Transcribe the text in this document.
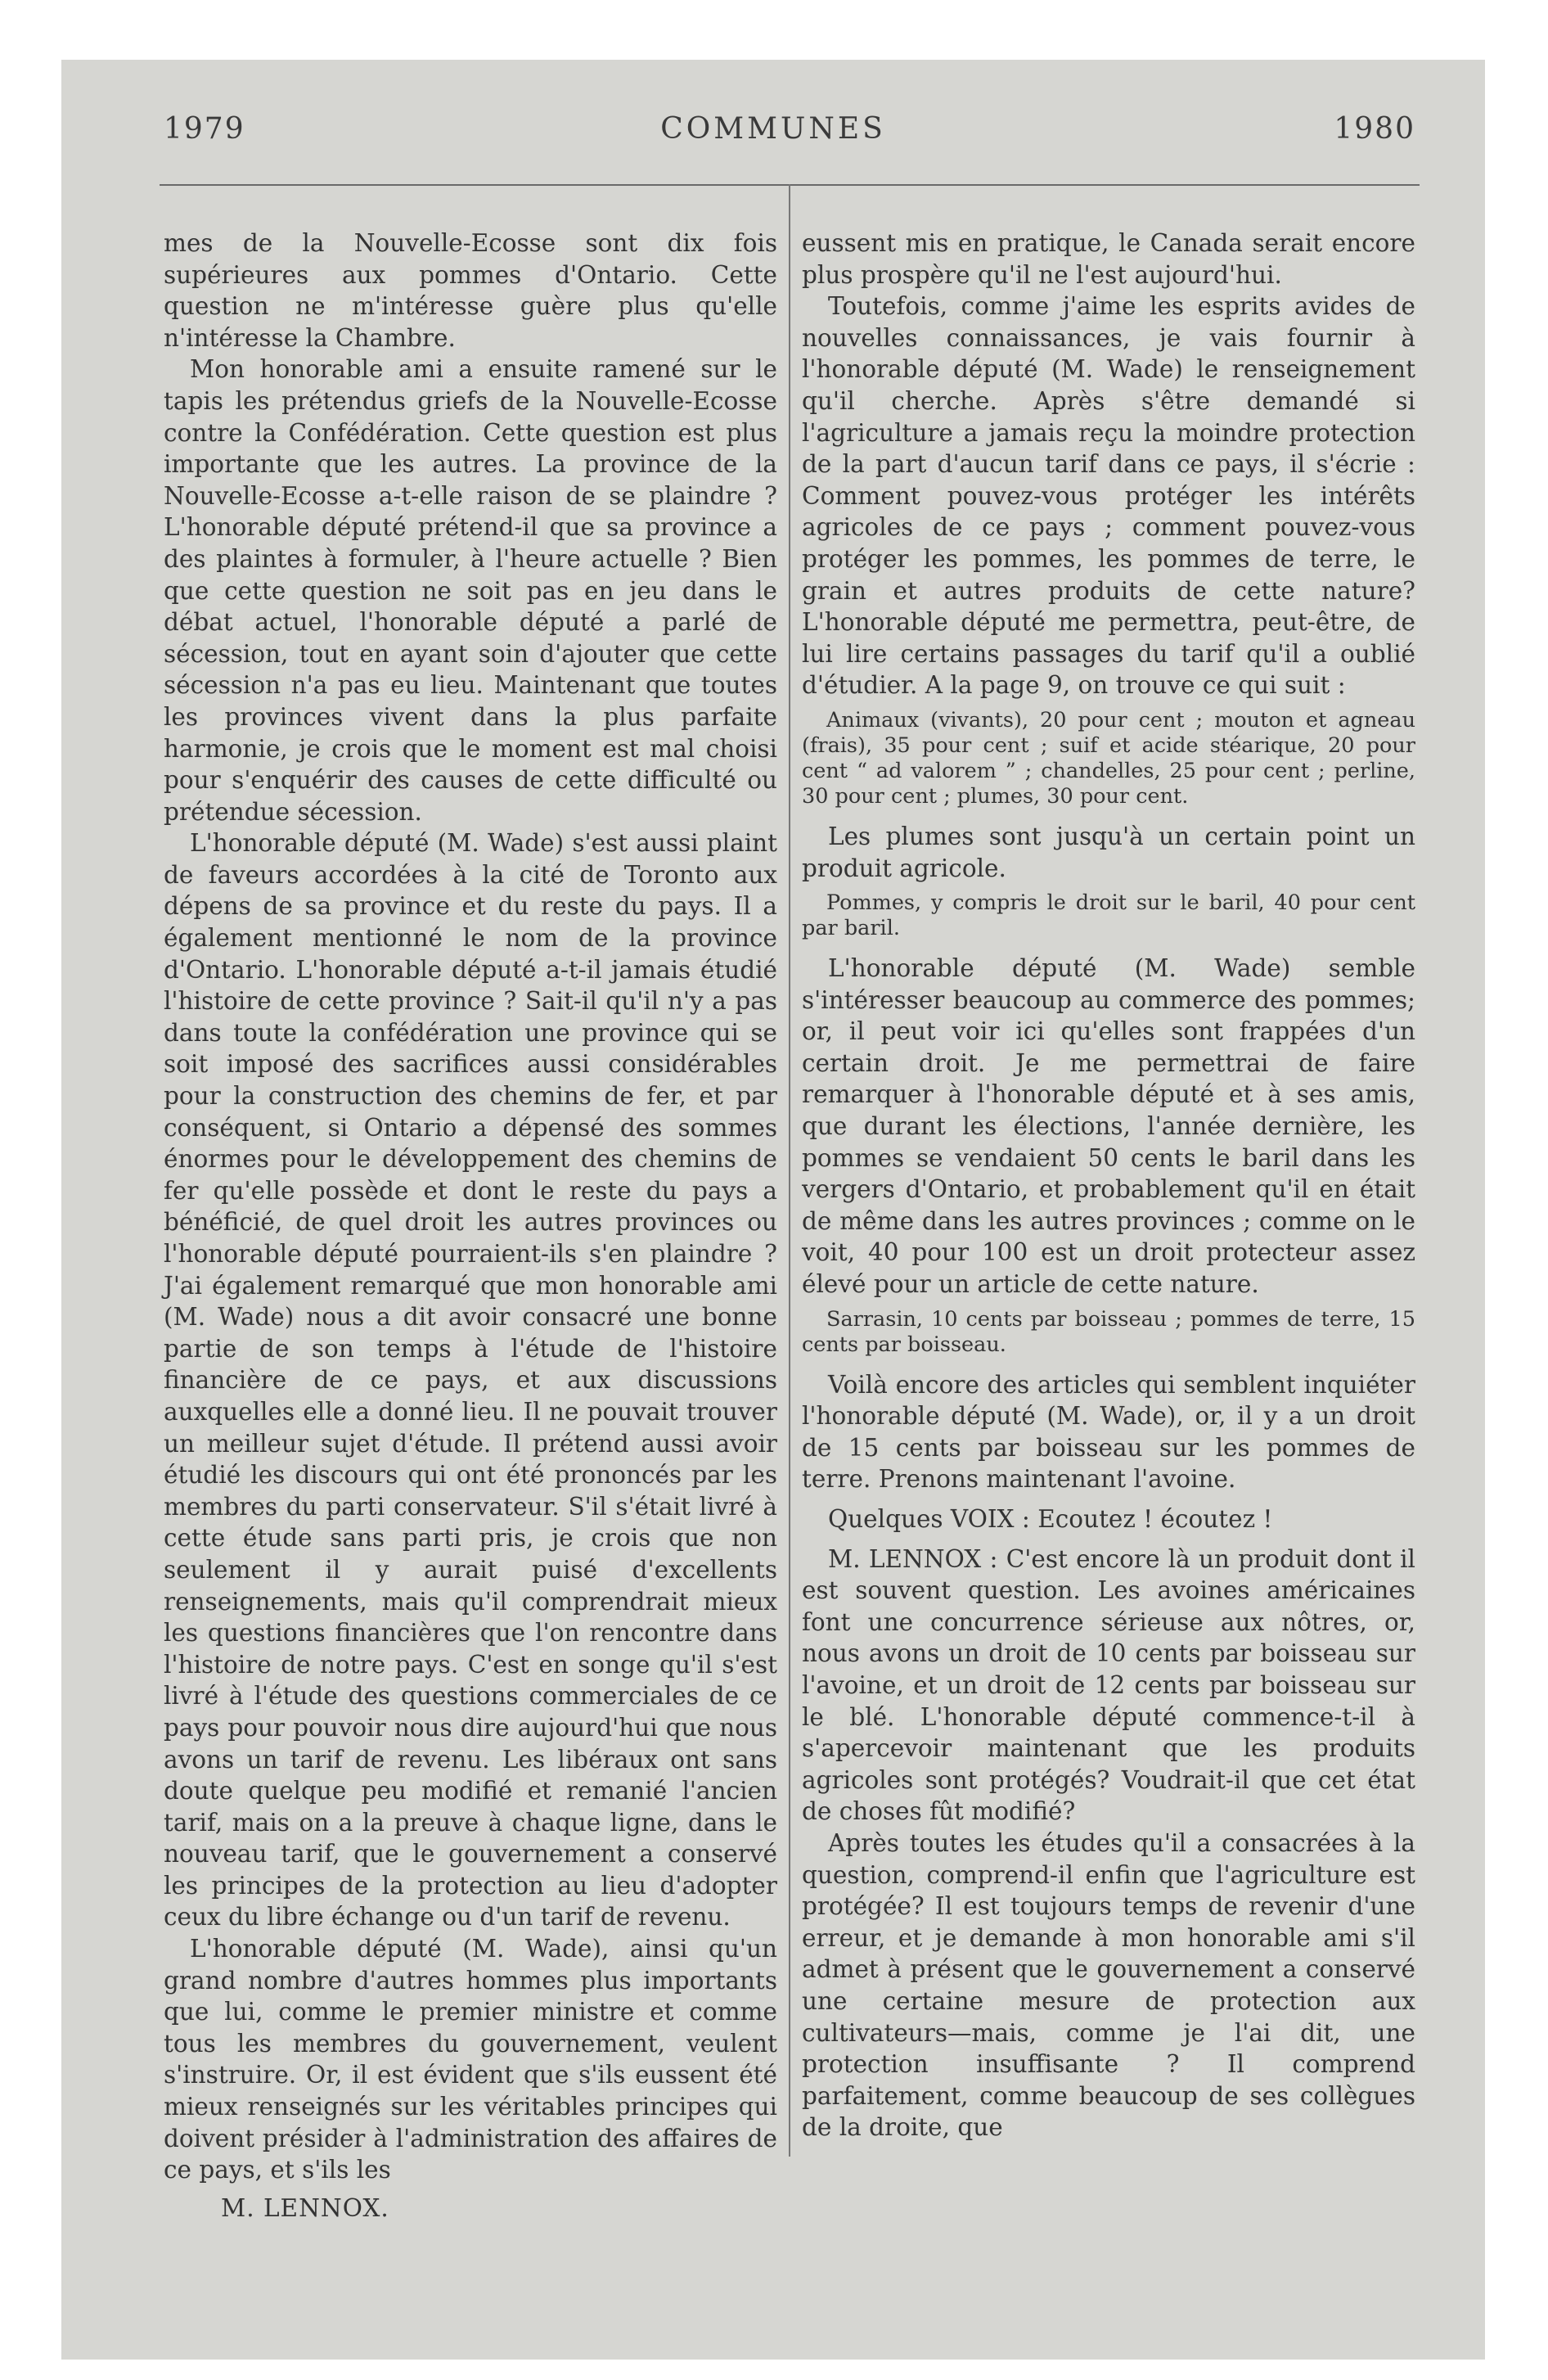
1979	COMMUNES	1980

mes de la Nouvelle-Ecosse sont dix fois supérieures aux pommes d'Ontario. Cette question ne m'intéresse guère plus qu'elle n'intéresse la Chambre.

Mon honorable ami a ensuite ramené sur le tapis les prétendus griefs de la Nouvelle-Ecosse contre la Confédération. Cette question est plus importante que les autres. La province de la Nouvelle-Ecosse a-t-elle raison de se plaindre ? L'honorable député prétend-il que sa province a des plaintes à formuler, à l'heure actuelle ? Bien que cette question ne soit pas en jeu dans le débat actuel, l'honorable député a parlé de sécession, tout en ayant soin d'ajouter que cette sécession n'a pas eu lieu. Maintenant que toutes les provinces vivent dans la plus parfaite harmonie, je crois que le moment est mal choisi pour s'enquérir des causes de cette difficulté ou prétendue sécession.

L'honorable député (M. Wade) s'est aussi plaint de faveurs accordées à la cité de Toronto aux dépens de sa province et du reste du pays. Il a également mentionné le nom de la province d'Ontario. L'honorable député a-t-il jamais étudié l'histoire de cette province ? Sait-il qu'il n'y a pas dans toute la confédération une province qui se soit imposé des sacrifices aussi considérables pour la construction des chemins de fer, et par conséquent, si Ontario a dépensé des sommes énormes pour le développement des chemins de fer qu'elle possède et dont le reste du pays a bénéficié, de quel droit les autres provinces ou l'honorable député pourraient-ils s'en plaindre ? J'ai également remarqué que mon honorable ami (M. Wade) nous a dit avoir consacré une bonne partie de son temps à l'étude de l'histoire financière de ce pays, et aux discussions auxquelles elle a donné lieu. Il ne pouvait trouver un meilleur sujet d'étude. Il prétend aussi avoir étudié les discours qui ont été prononcés par les membres du parti conservateur. S'il s'était livré à cette étude sans parti pris, je crois que non seulement il y aurait puisé d'excellents renseignements, mais qu'il comprendrait mieux les questions financières que l'on rencontre dans l'histoire de notre pays. C'est en songe qu'il s'est livré à l'étude des questions commerciales de ce pays pour pouvoir nous dire aujourd'hui que nous avons un tarif de revenu. Les libéraux ont sans doute quelque peu modifié et remanié l'ancien tarif, mais on a la preuve à chaque ligne, dans le nouveau tarif, que le gouvernement a conservé les principes de la protection au lieu d'adopter ceux du libre échange ou d'un tarif de revenu.

L'honorable député (M. Wade), ainsi qu'un grand nombre d'autres hommes plus importants que lui, comme le premier ministre et comme tous les membres du gouvernement, veulent s'instruire. Or, il est évident que s'ils eussent été mieux renseignés sur les véritables principes qui doivent présider à l'administration des affaires de ce pays, et s'ils les

M. LENNOX.

eussent mis en pratique, le Canada serait encore plus prospère qu'il ne l'est aujourd'hui.

Toutefois, comme j'aime les esprits avides de nouvelles connaissances, je vais fournir à l'honorable député (M. Wade) le renseignement qu'il cherche. Après s'être demandé si l'agriculture a jamais reçu la moindre protection de la part d'aucun tarif dans ce pays, il s'écrie : Comment pouvez-vous protéger les intérêts agricoles de ce pays ; comment pouvez-vous protéger les pommes, les pommes de terre, le grain et autres produits de cette nature? L'honorable député me permettra, peut-être, de lui lire certains passages du tarif qu'il a oublié d'étudier. A la page 9, on trouve ce qui suit :

Animaux (vivants), 20 pour cent ; mouton et agneau (frais), 35 pour cent ; suif et acide stéarique, 20 pour cent “ ad valorem ” ; chandelles, 25 pour cent ; perline, 30 pour cent ; plumes, 30 pour cent.

Les plumes sont jusqu'à un certain point un produit agricole.

Pommes, y compris le droit sur le baril, 40 pour cent par baril.

L'honorable député (M. Wade) semble s'intéresser beaucoup au commerce des pommes; or, il peut voir ici qu'elles sont frappées d'un certain droit. Je me permettrai de faire remarquer à l'honorable député et à ses amis, que durant les élections, l'année dernière, les pommes se vendaient 50 cents le baril dans les vergers d'Ontario, et probablement qu'il en était de même dans les autres provinces ; comme on le voit, 40 pour 100 est un droit protecteur assez élevé pour un article de cette nature.

Sarrasin, 10 cents par boisseau ; pommes de terre, 15 cents par boisseau.

Voilà encore des articles qui semblent inquiéter l'honorable député (M. Wade), or, il y a un droit de 15 cents par boisseau sur les pommes de terre. Prenons maintenant l'avoine.

Quelques VOIX : Ecoutez ! écoutez !

M. LENNOX : C'est encore là un produit dont il est souvent question. Les avoines américaines font une concurrence sérieuse aux nôtres, or, nous avons un droit de 10 cents par boisseau sur l'avoine, et un droit de 12 cents par boisseau sur le blé. L'honorable député commence-t-il à s'apercevoir maintenant que les produits agricoles sont protégés? Voudrait-il que cet état de choses fût modifié?

Après toutes les études qu'il a consacrées à la question, comprend-il enfin que l'agriculture est protégée? Il est toujours temps de revenir d'une erreur, et je demande à mon honorable ami s'il admet à présent que le gouvernement a conservé une certaine mesure de protection aux cultivateurs—mais, comme je l'ai dit, une protection insuffisante ? Il comprend parfaitement, comme beaucoup de ses collègues de la droite, que
